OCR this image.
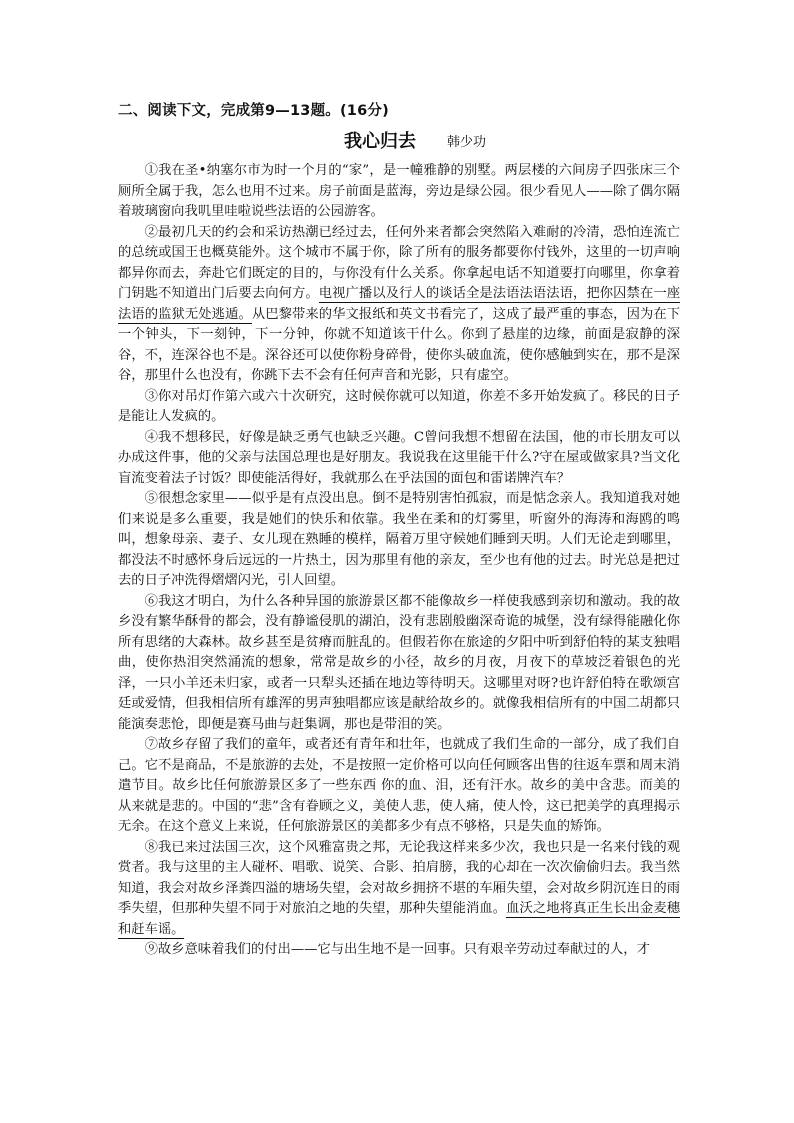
二、阅读下文，完成第9—13题。(16分)
我心归去 韩少功

①我在圣•纳塞尔市为时一个月的“家”，是一幢雅静的别墅。两层楼的六间房子四张床三个厕所全属于我，怎么也用不过来。房子前面是蓝海，旁边是绿公园。很少看见人——除了偶尔隔着玻璃窗向我叽里哇啦说些法语的公园游客。

②最初几天的约会和采访热潮已经过去，任何外来者都会突然陷入难耐的冷清，恐怕连流亡的总统或国王也概莫能外。这个城市不属于你，除了所有的服务都要你付钱外，这里的一切声响都异你而去，奔赴它们既定的目的，与你没有什么关系。你拿起电话不知道要打向哪里，你拿着门钥匙不知道出门后要去向何方。电视广播以及行人的谈话全是法语法语法语，把你囚禁在一座法语的监狱无处逃遁。从巴黎带来的华文报纸和英文书看完了，这成了最严重的事态，因为在下一个钟头，下一刻钟，下一分钟，你就不知道该干什么。你到了悬崖的边缘，前面是寂静的深谷，不，连深谷也不是。深谷还可以使你粉身碎骨，使你头破血流，使你感触到实在，那不是深谷，那里什么也没有，你跳下去不会有任何声音和光影，只有虚空。

③你对吊灯作第六或六十次研究，这时候你就可以知道，你差不多开始发疯了。移民的日子是能让人发疯的。

④我不想移民，好像是缺乏勇气也缺乏兴趣。C曾问我想不想留在法国，他的市长朋友可以办成这件事，他的父亲与法国总理也是好朋友。我说我在这里能干什么?守在屋或做家具?当文化盲流变着法子讨饭？即使能活得好，我就那么在乎法国的面包和雷诺牌汽车？

⑤很想念家里——似乎是有点没出息。倒不是特别害怕孤寂，而是惦念亲人。我知道我对她们来说是多么重要，我是她们的快乐和依靠。我坐在柔和的灯雾里，听窗外的海涛和海鸥的鸣叫，想象母亲、妻子、女儿现在熟睡的模样，隔着万里守候她们睡到天明。人们无论走到哪里，都没法不时感怀身后远远的一片热土，因为那里有他的亲友，至少也有他的过去。时光总是把过去的日子冲洗得熠熠闪光，引人回望。

⑥我这才明白，为什么各种异国的旅游景区都不能像故乡一样使我感到亲切和激动。我的故乡没有繁华酥骨的都会，没有静谧侵肌的湖泊，没有悲剧般幽深奇诡的城堡，没有绿得能融化你所有思绪的大森林。故乡甚至是贫瘠而脏乱的。但假若你在旅途的夕阳中听到舒伯特的某支独唱曲，使你热泪突然涌流的想象，常常是故乡的小径，故乡的月夜，月夜下的草坡泛着银色的光泽，一只小羊还未归家，或者一只犁头还插在地边等待明天。这哪里对呀?也许舒伯特在歌颂宫廷或爱情，但我相信所有雄浑的男声独唱都应该是献给故乡的。就像我相信所有的中国二胡都只能演奏悲怆，即便是赛马曲与赶集调，那也是带泪的笑。

⑦故乡存留了我们的童年，或者还有青年和壮年，也就成了我们生命的一部分，成了我们自己。它不是商品，不是旅游的去处，不是按照一定价格可以向任何顾客出售的往返车票和周末消遣节目。故乡比任何旅游景区多了一些东西 你的血、泪，还有汗水。故乡的美中含悲。而美的从来就是悲的。中国的“悲”含有眷顾之义，美使人悲，使人痛，使人怜，这已把美学的真理揭示无余。在这个意义上来说，任何旅游景区的美都多少有点不够格，只是失血的矫饰。

⑧我已来过法国三次，这个风雅富贵之邦，无论我这样来多少次，我也只是一名来付钱的观赏者。我与这里的主人碰杯、唱歌、说笑、合影、拍肩膀，我的心却在一次次偷偷归去。我当然知道，我会对故乡泽粪四溢的塘场失望，会对故乡拥挤不堪的车厢失望，会对故乡阴沉连日的雨季失望，但那种失望不同于对旅泊之地的失望，那种失望能消血。血沃之地将真正生长出金麦穗和赶车谣。

⑨故乡意味着我们的付出——它与出生地不是一回事。只有艰辛劳动过奉献过的人，才
